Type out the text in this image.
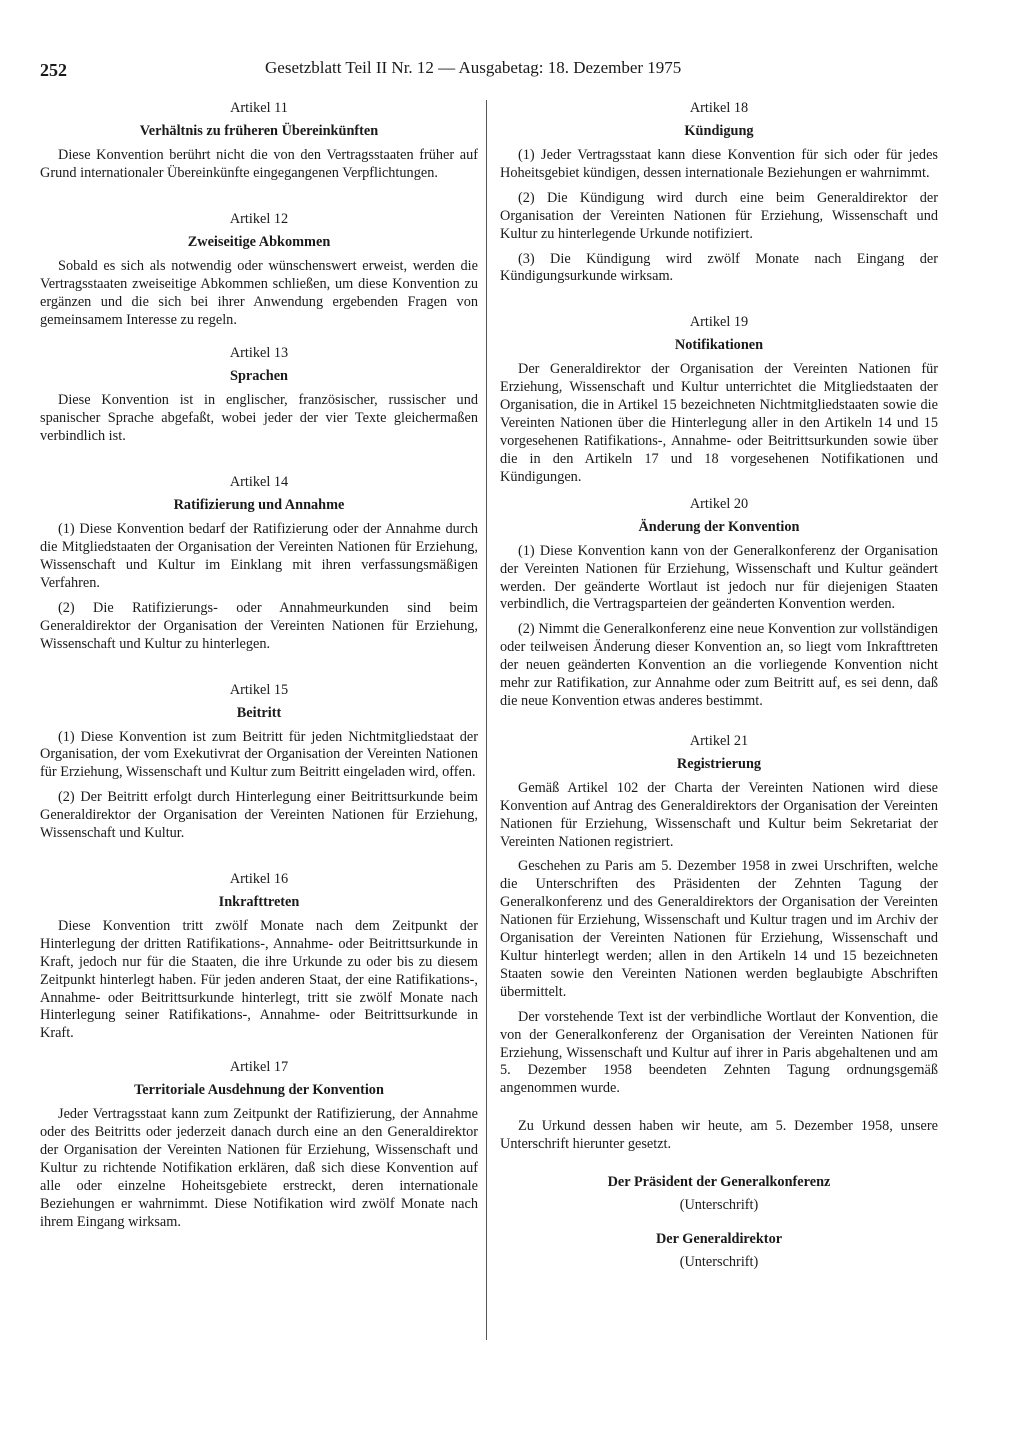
252	Gesetzblatt Teil II Nr. 12 — Ausgabetag: 18. Dezember 1975

Artikel 11

Verhältnis zu früheren Übereinkünften

Diese Konvention berührt nicht die von den Vertragsstaaten früher auf Grund internationaler Übereinkünfte eingegangenen Verpflichtungen.

Artikel 12

Zweiseitige Abkommen

Sobald es sich als notwendig oder wünschenswert erweist, werden die Vertragsstaaten zweiseitige Abkommen schließen, um diese Konvention zu ergänzen und die sich bei ihrer Anwendung ergebenden Fragen von gemeinsamem Interesse zu regeln.

Artikel 13

Sprachen

Diese Konvention ist in englischer, französischer, russischer und spanischer Sprache abgefaßt, wobei jeder der vier Texte gleichermaßen verbindlich ist.

Artikel 14

Ratifizierung und Annahme

(1) Diese Konvention bedarf der Ratifizierung oder der Annahme durch die Mitgliedstaaten der Organisation der Vereinten Nationen für Erziehung, Wissenschaft und Kultur im Einklang mit ihren verfassungsmäßigen Verfahren.

(2) Die Ratifizierungs- oder Annahmeurkunden sind beim Generaldirektor der Organisation der Vereinten Nationen für Erziehung, Wissenschaft und Kultur zu hinterlegen.

Artikel 15

Beitritt

(1) Diese Konvention ist zum Beitritt für jeden Nichtmitgliedstaat der Organisation, der vom Exekutivrat der Organisation der Vereinten Nationen für Erziehung, Wissenschaft und Kultur zum Beitritt eingeladen wird, offen.

(2) Der Beitritt erfolgt durch Hinterlegung einer Beitrittsurkunde beim Generaldirektor der Organisation der Vereinten Nationen für Erziehung, Wissenschaft und Kultur.

Artikel 16

Inkrafttreten

Diese Konvention tritt zwölf Monate nach dem Zeitpunkt der Hinterlegung der dritten Ratifikations-, Annahme- oder Beitrittsurkunde in Kraft, jedoch nur für die Staaten, die ihre Urkunde zu oder bis zu diesem Zeitpunkt hinterlegt haben. Für jeden anderen Staat, der eine Ratifikations-, Annahme- oder Beitrittsurkunde hinterlegt, tritt sie zwölf Monate nach Hinterlegung seiner Ratifikations-, Annahme- oder Beitrittsurkunde in Kraft.

Artikel 17

Territoriale Ausdehnung der Konvention

Jeder Vertragsstaat kann zum Zeitpunkt der Ratifizierung, der Annahme oder des Beitritts oder jederzeit danach durch eine an den Generaldirektor der Organisation der Vereinten Nationen für Erziehung, Wissenschaft und Kultur zu richtende Notifikation erklären, daß sich diese Konvention auf alle oder einzelne Hoheitsgebiete erstreckt, deren internationale Beziehungen er wahrnimmt. Diese Notifikation wird zwölf Monate nach ihrem Eingang wirksam.

Artikel 18

Kündigung

(1) Jeder Vertragsstaat kann diese Konvention für sich oder für jedes Hoheitsgebiet kündigen, dessen internationale Beziehungen er wahrnimmt.

(2) Die Kündigung wird durch eine beim Generaldirektor der Organisation der Vereinten Nationen für Erziehung, Wissenschaft und Kultur zu hinterlegende Urkunde notifiziert.

(3) Die Kündigung wird zwölf Monate nach Eingang der Kündigungsurkunde wirksam.

Artikel 19

Notifikationen

Der Generaldirektor der Organisation der Vereinten Nationen für Erziehung, Wissenschaft und Kultur unterrichtet die Mitgliedstaaten der Organisation, die in Artikel 15 bezeichneten Nichtmitgliedstaaten sowie die Vereinten Nationen über die Hinterlegung aller in den Artikeln 14 und 15 vorgesehenen Ratifikations-, Annahme- oder Beitrittsurkunden sowie über die in den Artikeln 17 und 18 vorgesehenen Notifikationen und Kündigungen.

Artikel 20

Änderung der Konvention

(1) Diese Konvention kann von der Generalkonferenz der Organisation der Vereinten Nationen für Erziehung, Wissenschaft und Kultur geändert werden. Der geänderte Wortlaut ist jedoch nur für diejenigen Staaten verbindlich, die Vertragsparteien der geänderten Konvention werden.

(2) Nimmt die Generalkonferenz eine neue Konvention zur vollständigen oder teilweisen Änderung dieser Konvention an, so liegt vom Inkrafttreten der neuen geänderten Konvention an die vorliegende Konvention nicht mehr zur Ratifikation, zur Annahme oder zum Beitritt auf, es sei denn, daß die neue Konvention etwas anderes bestimmt.

Artikel 21

Registrierung

Gemäß Artikel 102 der Charta der Vereinten Nationen wird diese Konvention auf Antrag des Generaldirektors der Organisation der Vereinten Nationen für Erziehung, Wissenschaft und Kultur beim Sekretariat der Vereinten Nationen registriert.

Geschehen zu Paris am 5. Dezember 1958 in zwei Urschriften, welche die Unterschriften des Präsidenten der Zehnten Tagung der Generalkonferenz und des Generaldirektors der Organisation der Vereinten Nationen für Erziehung, Wissenschaft und Kultur tragen und im Archiv der Organisation der Vereinten Nationen für Erziehung, Wissenschaft und Kultur hinterlegt werden; allen in den Artikeln 14 und 15 bezeichneten Staaten sowie den Vereinten Nationen werden beglaubigte Abschriften übermittelt.

Der vorstehende Text ist der verbindliche Wortlaut der Konvention, die von der Generalkonferenz der Organisation der Vereinten Nationen für Erziehung, Wissenschaft und Kultur auf ihrer in Paris abgehaltenen und am 5. Dezember 1958 beendeten Zehnten Tagung ordnungsgemäß angenommen wurde.

Zu Urkund dessen haben wir heute, am 5. Dezember 1958, unsere Unterschrift hierunter gesetzt.

Der Präsident der Generalkonferenz

(Unterschrift)

Der Generaldirektor

(Unterschrift)
